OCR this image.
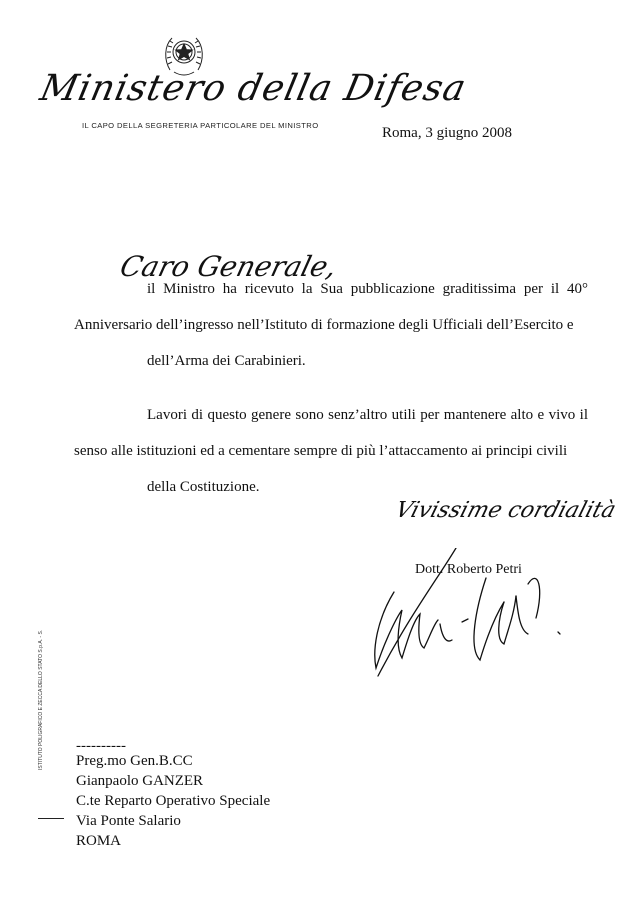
Ministero della Difesa
IL CAPO DELLA SEGRETERIA PARTICOLARE DEL MINISTRO	Roma, 3 giugno 2008
Caro Generale,
il Ministro ha ricevuto la Sua pubblicazione graditissima per il 40° Anniversario dell’ingresso nell’Istituto di formazione degli Ufficiali dell’Esercito e
dell’Arma dei Carabinieri.
Lavori di questo genere sono senz’altro utili per mantenere alto e vivo il senso alle istituzioni ed a cementare sempre di più l’attaccamento ai principi civili
della Costituzione.
Vivissime cordialità
Dott. Roberto Petri
ISTITUTO POLIGRAFICO E ZECCA DELLO STATO S.p.A. - S. ----------
Preg.mo Gen.B.CC
Gianpaolo GANZER
C.te Reparto Operativo Speciale
Via Ponte Salario
ROMA
